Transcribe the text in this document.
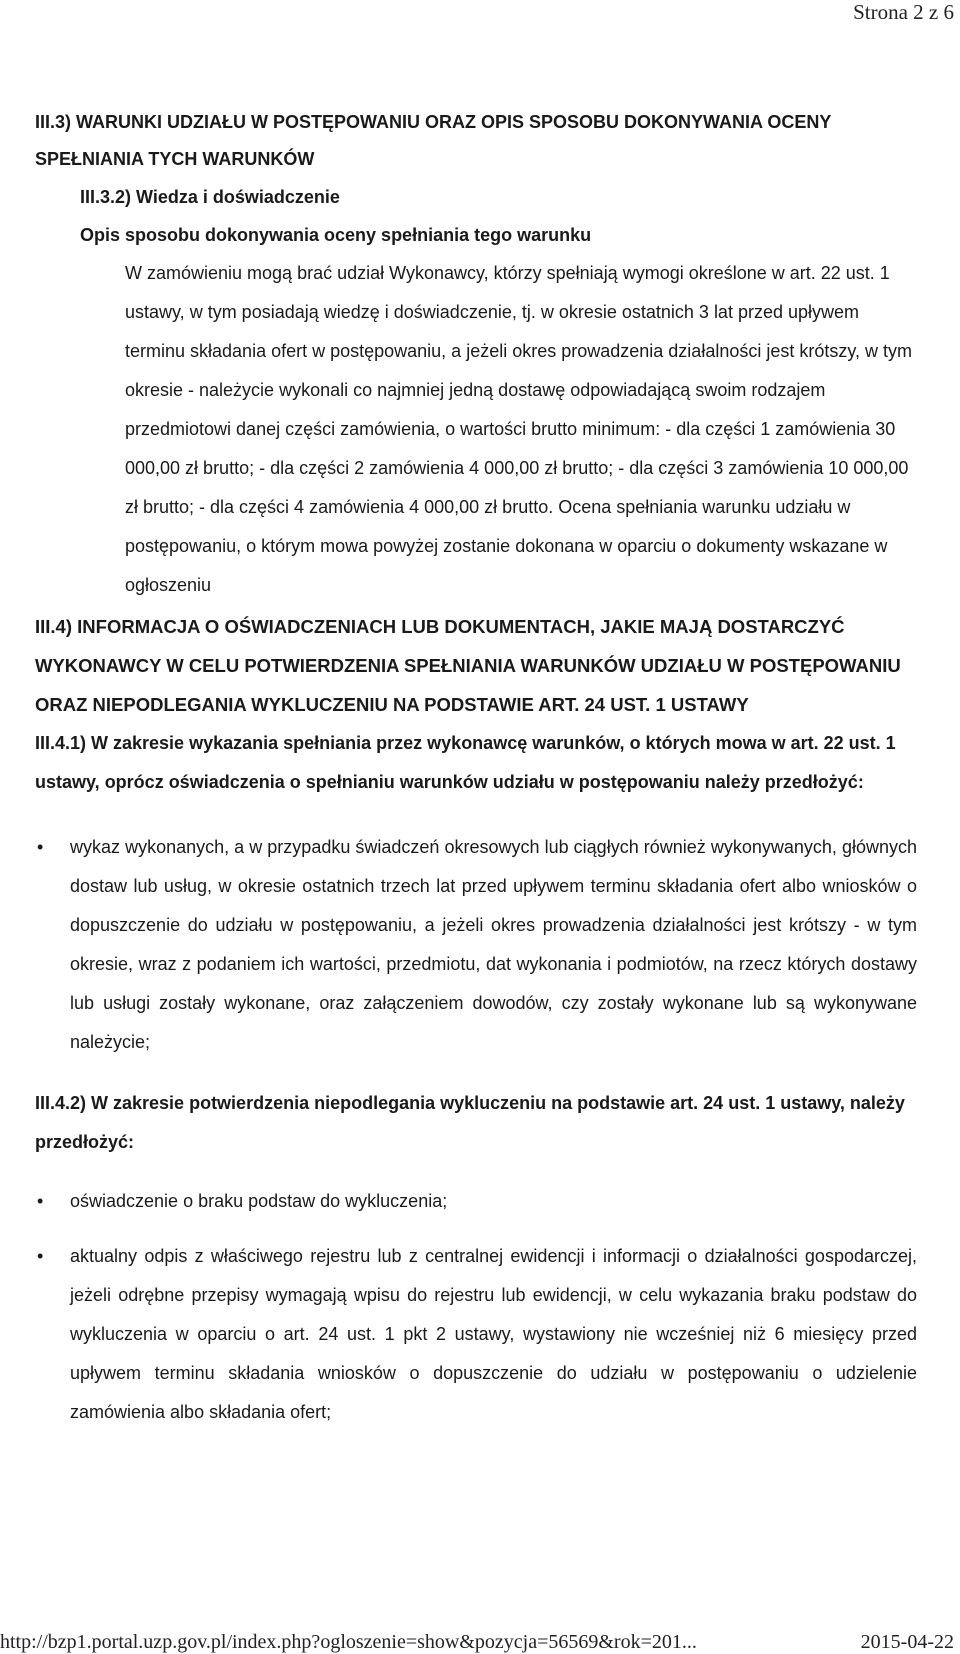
Strona 2 z 6

III.3) WARUNKI UDZIAŁU W POSTĘPOWANIU ORAZ OPIS SPOSOBU DOKONYWANIA OCENY SPEŁNIANIA TYCH WARUNKÓW

III.3.2) Wiedza i doświadczenie

Opis sposobu dokonywania oceny spełniania tego warunku

W zamówieniu mogą brać udział Wykonawcy, którzy spełniają wymogi określone w art. 22 ust. 1 ustawy, w tym posiadają wiedzę i doświadczenie, tj. w okresie ostatnich 3 lat przed upływem terminu składania ofert w postępowaniu, a jeżeli okres prowadzenia działalności jest krótszy, w tym okresie - należycie wykonali co najmniej jedną dostawę odpowiadającą swoim rodzajem przedmiotowi danej części zamówienia, o wartości brutto minimum: - dla części 1 zamówienia 30 000,00 zł brutto; - dla części 2 zamówienia 4 000,00 zł brutto; - dla części 3 zamówienia 10 000,00 zł brutto; - dla części 4 zamówienia 4 000,00 zł brutto. Ocena spełniania warunku udziału w postępowaniu, o którym mowa powyżej zostanie dokonana w oparciu o dokumenty wskazane w ogłoszeniu

III.4) INFORMACJA O OŚWIADCZENIACH LUB DOKUMENTACH, JAKIE MAJĄ DOSTARCZYĆ WYKONAWCY W CELU POTWIERDZENIA SPEŁNIANIA WARUNKÓW UDZIAŁU W POSTĘPOWANIU ORAZ NIEPODLEGANIA WYKLUCZENIU NA PODSTAWIE ART. 24 UST. 1 USTAWY

III.4.1) W zakresie wykazania spełniania przez wykonawcę warunków, o których mowa w art. 22 ust. 1 ustawy, oprócz oświadczenia o spełnianiu warunków udziału w postępowaniu należy przedłożyć:

• wykaz wykonanych, a w przypadku świadczeń okresowych lub ciągłych również wykonywanych, głównych dostaw lub usług, w okresie ostatnich trzech lat przed upływem terminu składania ofert albo wniosków o dopuszczenie do udziału w postępowaniu, a jeżeli okres prowadzenia działalności jest krótszy - w tym okresie, wraz z podaniem ich wartości, przedmiotu, dat wykonania i podmiotów, na rzecz których dostawy lub usługi zostały wykonane, oraz załączeniem dowodów, czy zostały wykonane lub są wykonywane należycie;

III.4.2) W zakresie potwierdzenia niepodlegania wykluczeniu na podstawie art. 24 ust. 1 ustawy, należy przedłożyć:

• oświadczenie o braku podstaw do wykluczenia;
• aktualny odpis z właściwego rejestru lub z centralnej ewidencji i informacji o działalności gospodarczej, jeżeli odrębne przepisy wymagają wpisu do rejestru lub ewidencji, w celu wykazania braku podstaw do wykluczenia w oparciu o art. 24 ust. 1 pkt 2 ustawy, wystawiony nie wcześniej niż 6 miesięcy przed upływem terminu składania wniosków o dopuszczenie do udziału w postępowaniu o udzielenie zamówienia albo składania ofert;
http://bzp1.portal.uzp.gov.pl/index.php?ogloszenie=show&pozycja=56569&rok=201...	2015-04-22
